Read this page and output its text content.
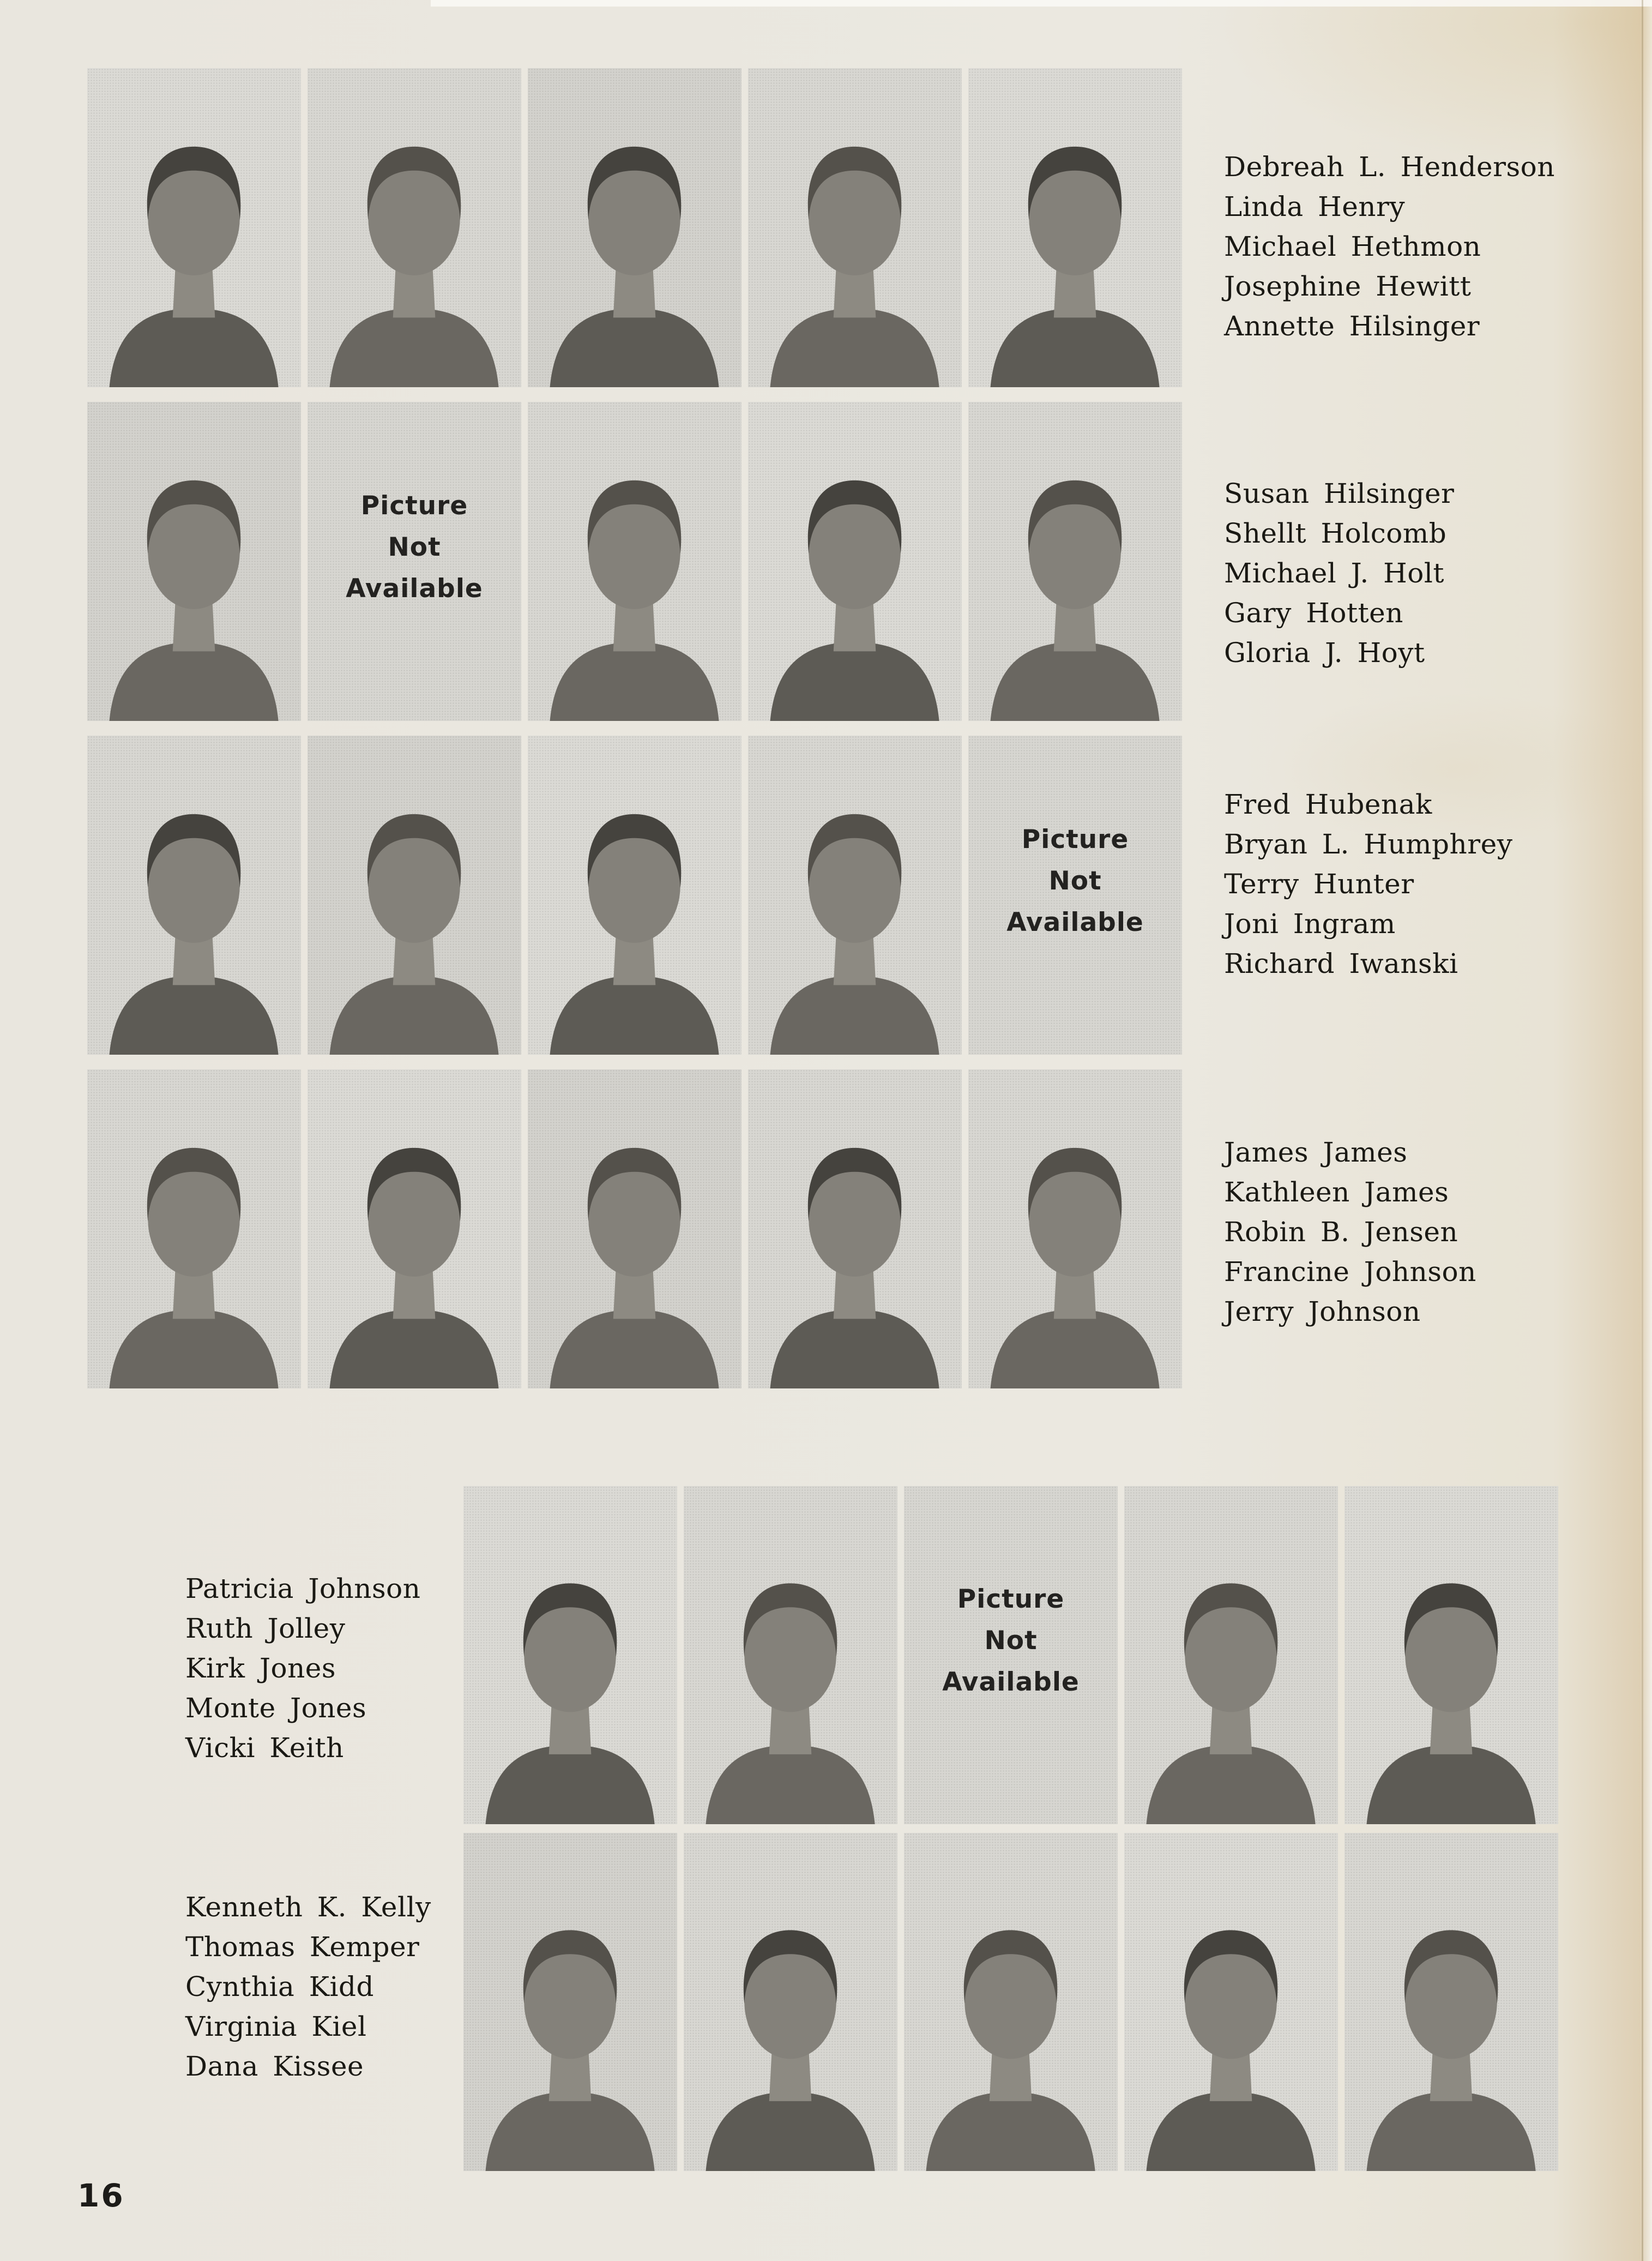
Picture
Not
Available
Picture
Not
Available
Debreah L. Henderson
Linda Henry
Michael Hethmon
Josephine Hewitt
Annette Hilsinger
Susan Hilsinger
Shellt Holcomb
Michael J. Holt
Gary Hotten
Gloria J. Hoyt
Fred Hubenak
Bryan L. Humphrey
Terry Hunter
Joni Ingram
Richard Iwanski
James James
Kathleen James
Robin B. Jensen
Francine Johnson
Jerry Johnson
Patricia Johnson
Ruth Jolley
Kirk Jones
Monte Jones
Vicki Keith
Kenneth K. Kelly
Thomas Kemper
Cynthia Kidd
Virginia Kiel
Dana Kissee
Picture
Not
Available
16
